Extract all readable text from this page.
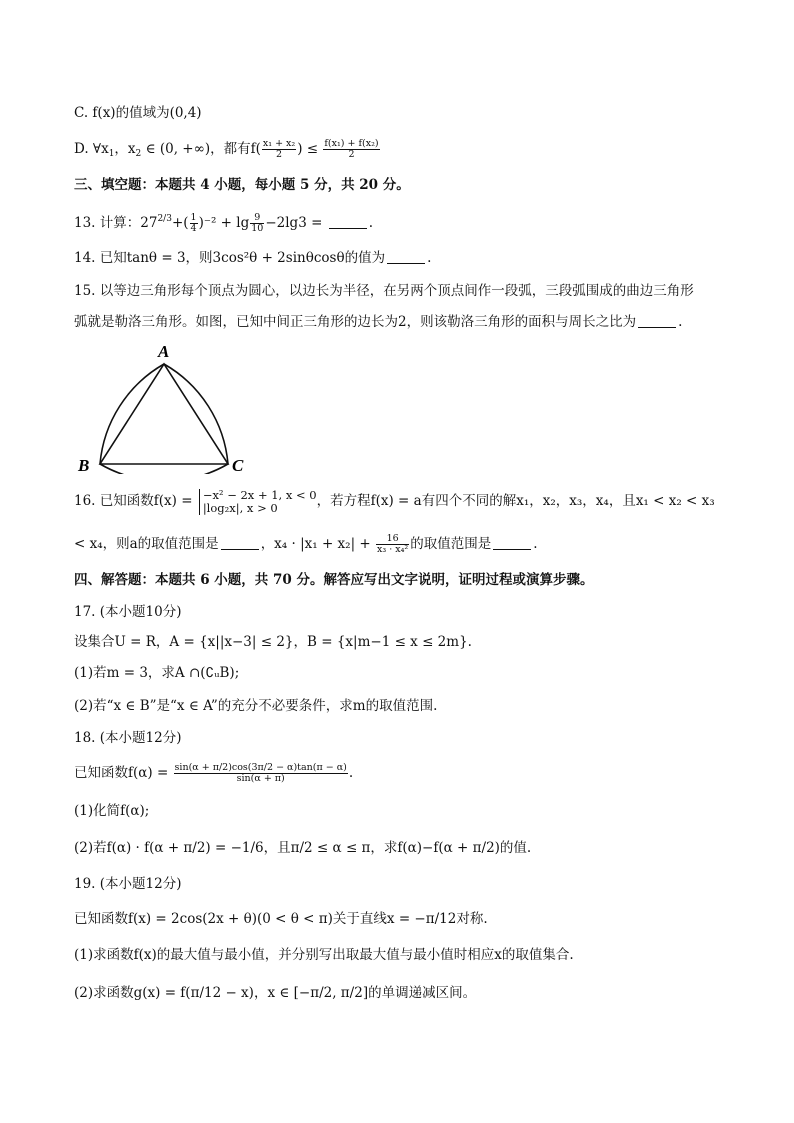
C. f(x)的值域为(0,4)
D. $\forall x_1$，$x_2$ ∈ (0, +∞)，都有$f( \frac{\text{x₁ + x₂}}{2}$ ) ≤ $\frac{\text{f(x₁) + f(x₂)}}{2}$
三、填空题：本题共 4 小题，每小题 5 分，共 20 分。
13. 计算：$27^{2/3}+( \frac{1}{4} )^{-2} + \lg \frac{9}{10} -2\lg 3$ =	.
14. 已知tanθ = 3，则3cos²θ + 2sinθcosθ的值为	.
15. 以等边三角形每个顶点为圆心，以边长为半径，在另两个顶点间作一段弧，三段弧围成的曲边三角形
弧就是勒洛三角形。如图，已知中间正三角形的边长为2，则该勒洛三角形的面积与周长之比为	.
A
B	C
16. 已知函数f(x) = −x² − 2x + 1, x < 0
|log₂x|, x > 0	，若方程f(x) = a有四个不同的解x₁，x₂，x₃，x₄，且x₁ < x₂ < x₃
< x₄，则a的取值范围是	，$x_4 \cdot |x_1 + x_2| + \frac{16}{\text{x₃ · x₄²}}$ 的取值范围是	.
四、解答题：本题共 6 小题，共 70 分。解答应写出文字说明，证明过程或演算步骤。
17. (本小题10分)
设集合U = R，A = {x||x−3| ≤ 2}，B = {x|m−1 ≤ x ≤ 2m}.
(1)若m = 3，求A ∩(∁ᵤB);
(2)若“x ∈ B”是“x ∈ A”的充分不必要条件，求m的取值范围.
18. (本小题12分)
已知函数$f(\alpha) = \frac{\sin(\alpha + \pi/2)\cos(3\pi/2 - \alpha)\tan(\pi - \alpha)}{\sin(\alpha + \pi)}$ .
(1)化简f(α);
(2)若f(α) · f(α + π/2) = −1/6，且π/2 ≤ α ≤ π，求f(α)−f(α + π/2)的值.
19. (本小题12分)
已知函数f(x) = 2cos(2x + θ)(0 < θ < π)关于直线x = −π/12对称.
(1)求函数f(x)的最大值与最小值，并分别写出取最大值与最小值时相应x的取值集合.
(2)求函数g(x) = f(π/12 − x)，x ∈ [−π/2, π/2]的单调递减区间。
